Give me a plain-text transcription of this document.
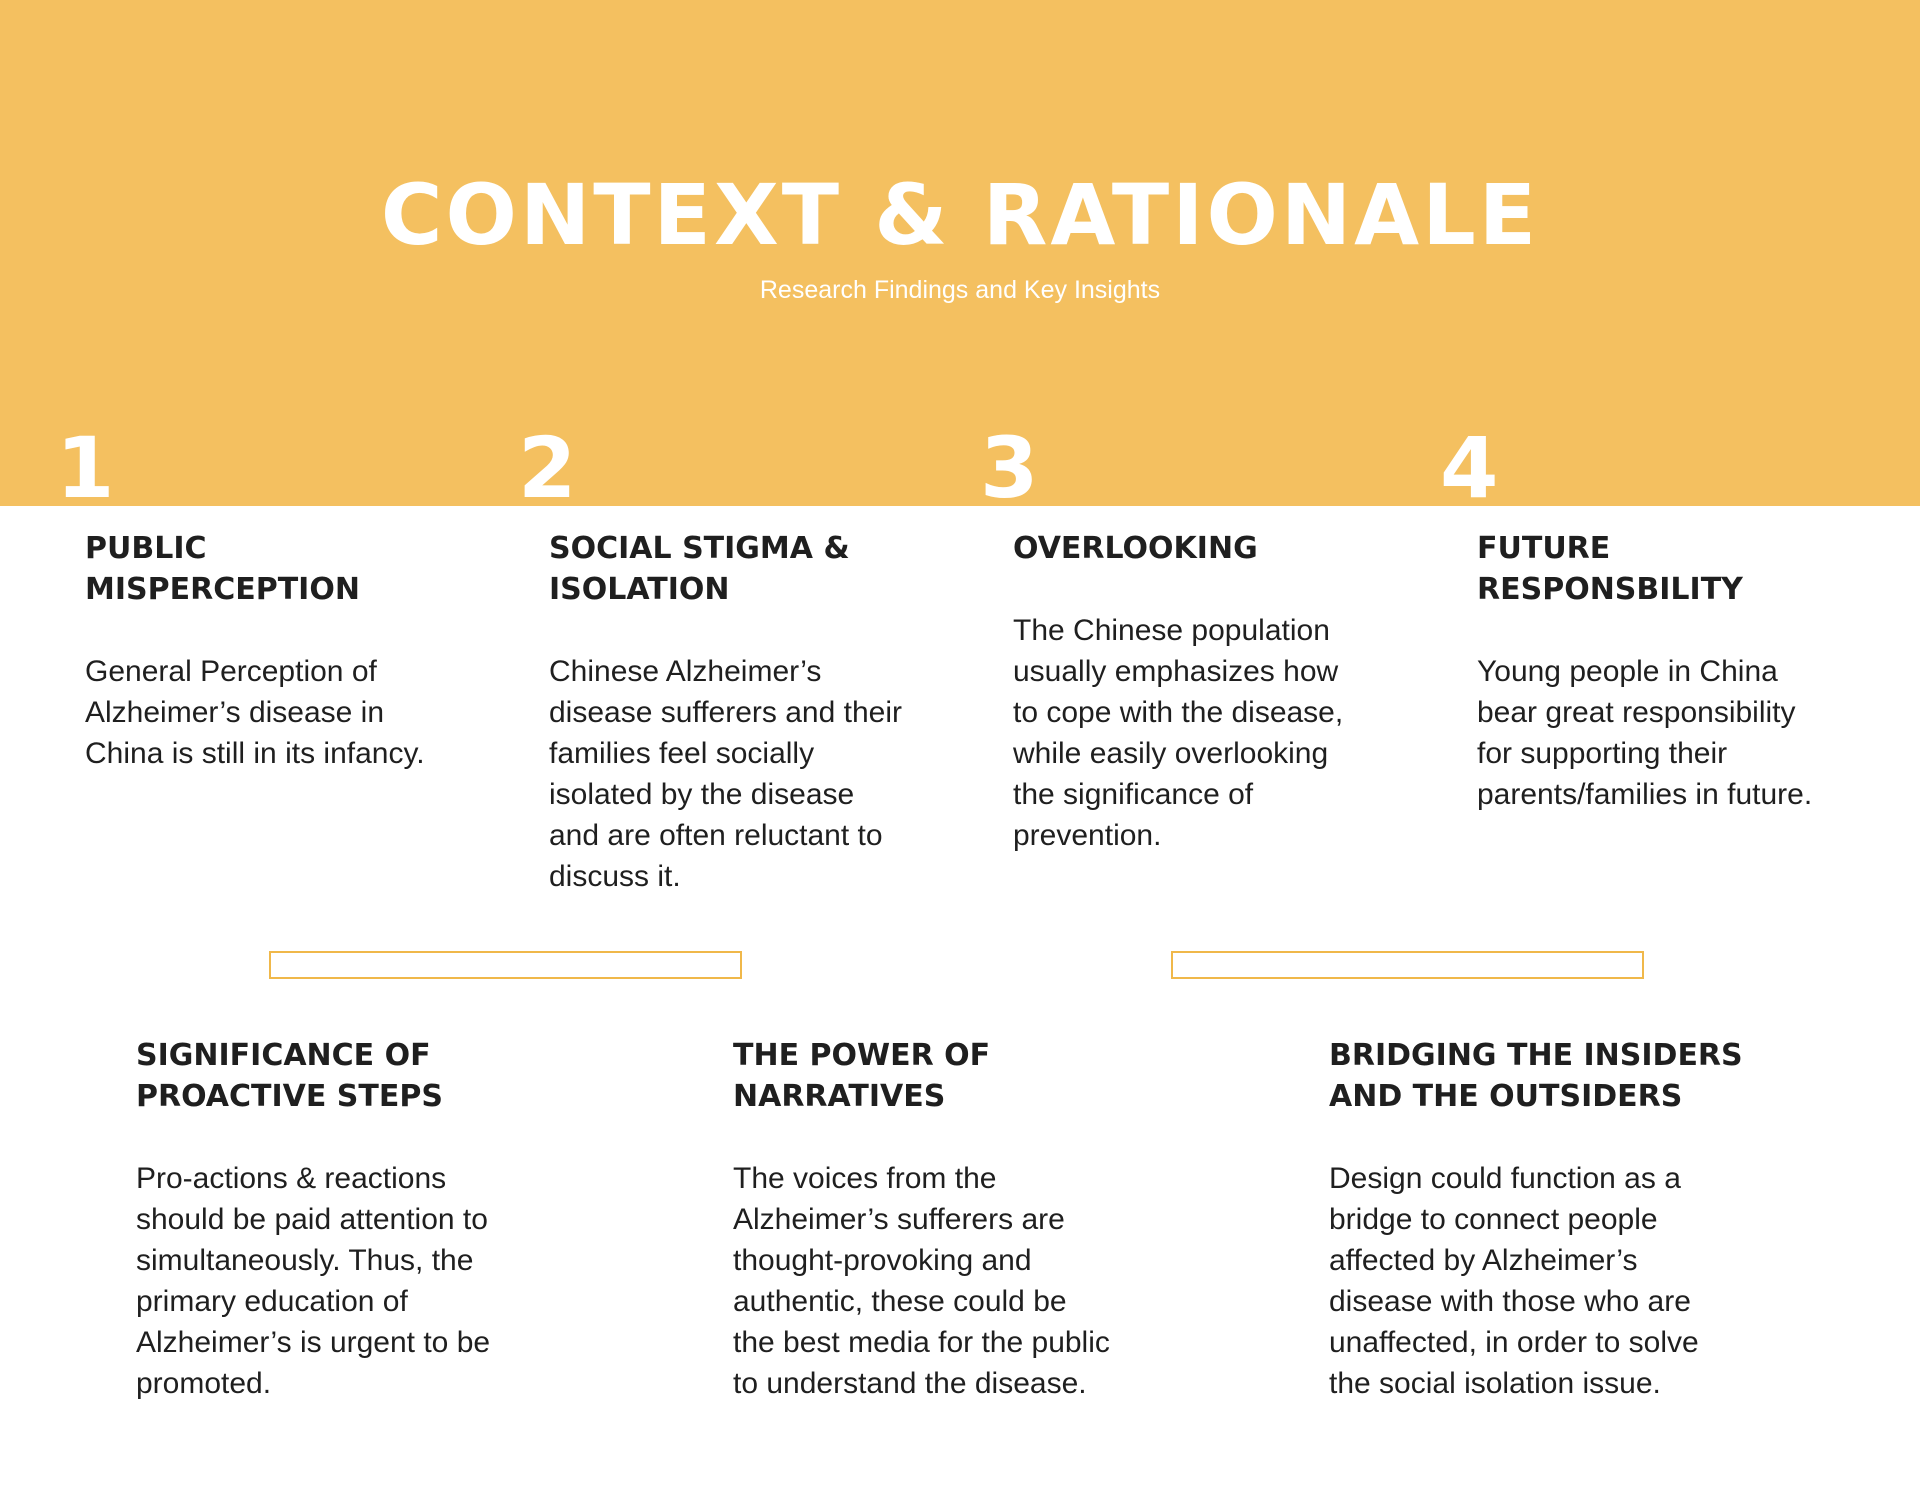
CONTEXT & RATIONALE
Research Findings and Key Insights
1	2	3	4
PUBLIC
MISPERCEPTION
General Perception of
Alzheimer’s disease in
China is still in its infancy.
SOCIAL STIGMA &
ISOLATION
Chinese Alzheimer’s
disease sufferers and their
families feel socially
isolated by the disease
and are often reluctant to
discuss it.
OVERLOOKING
The Chinese population
usually emphasizes how
to cope with the disease,
while easily overlooking
the significance of
prevention.
FUTURE
RESPONSBILITY
Young people in China
bear great responsibility
for supporting their
parents/families in future.
SIGNIFICANCE OF
PROACTIVE STEPS
Pro-actions & reactions
should be paid attention to
simultaneously. Thus, the
primary education of
Alzheimer’s is urgent to be
promoted.
THE POWER OF
NARRATIVES
The voices from the
Alzheimer’s sufferers are
thought-provoking and
authentic, these could be
the best media for the public
to understand the disease.
BRIDGING THE INSIDERS
AND THE OUTSIDERS
Design could function as a
bridge to connect people
affected by Alzheimer’s
disease with those who are
unaffected, in order to solve
the social isolation issue.
